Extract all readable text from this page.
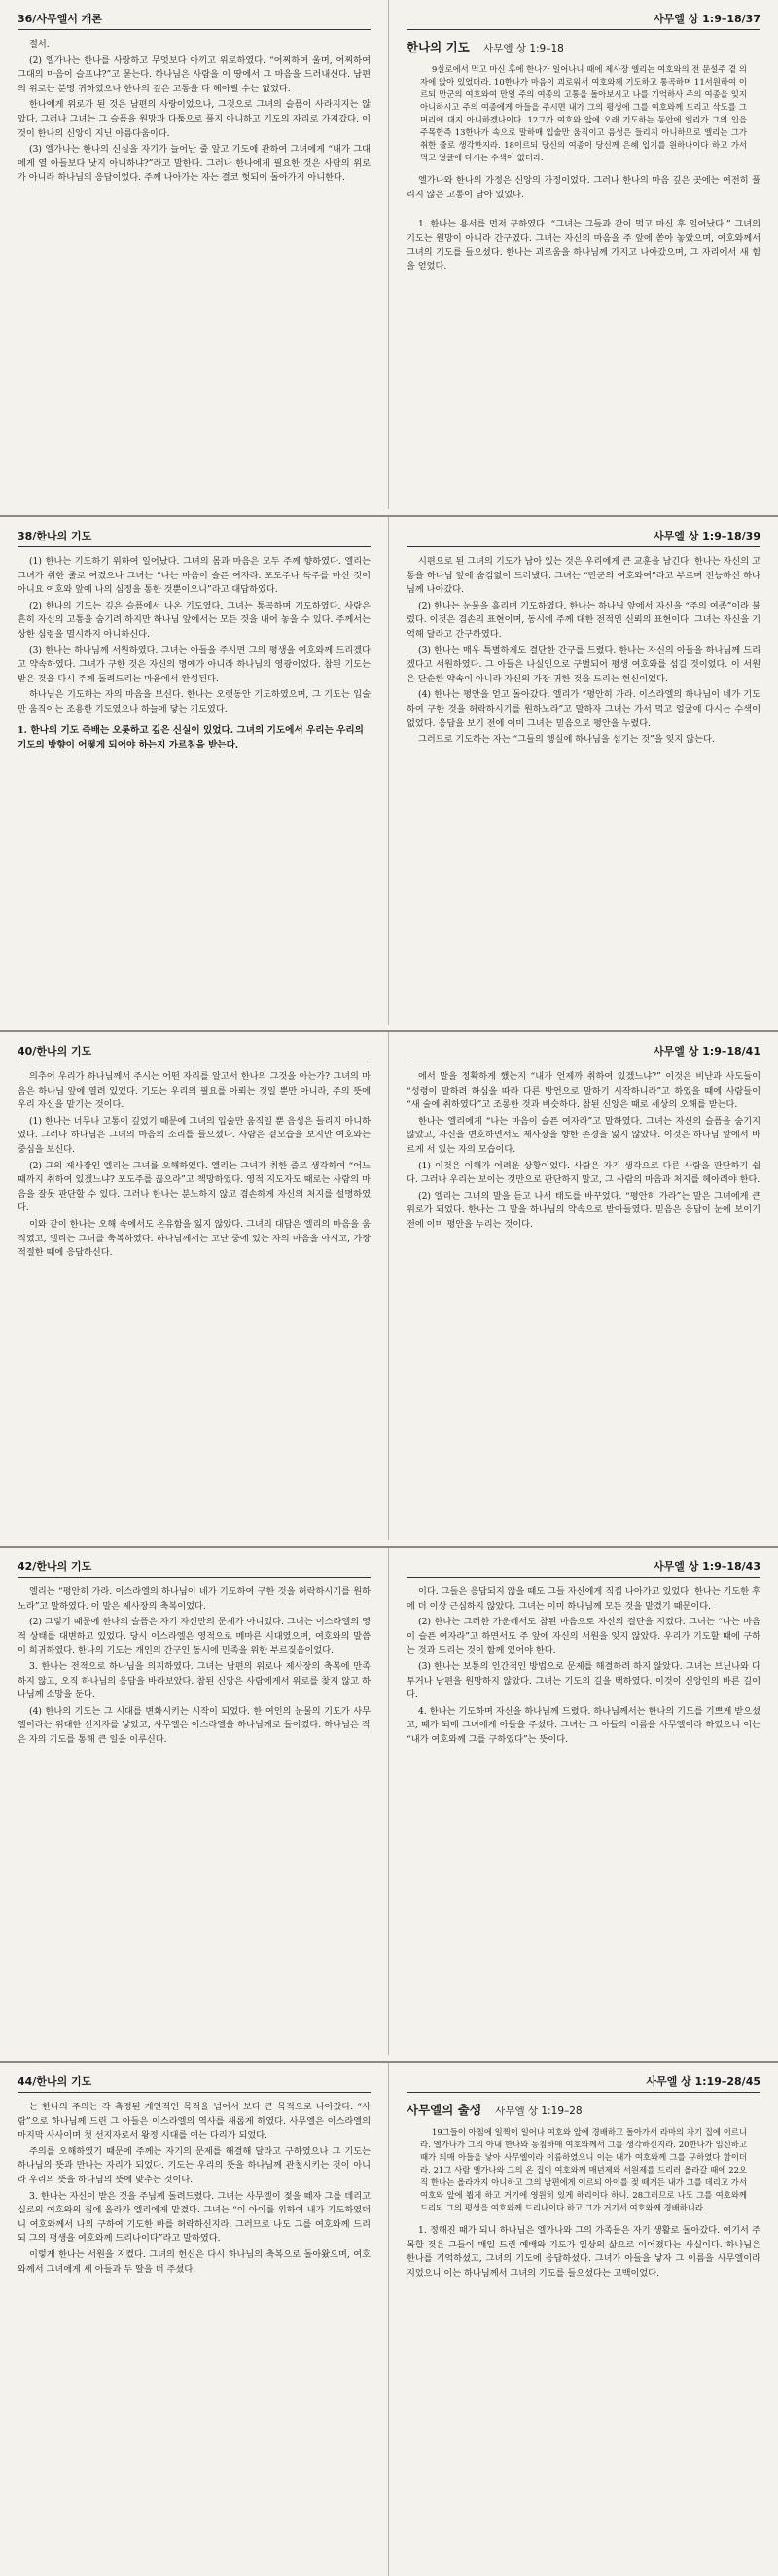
36/사무엘서 개론

절서.

(2) 엘가나는 한나를 사랑하고 무엇보다 아끼고 위로하였다. “어찌하여 울며, 어찌하여 그대의 마음이 슬프냐?”고 묻는다. 하나님은 사람을 이 땅에서 그 마음을 드러내신다. 남편의 위로는 분명 귀하였으나 한나의 깊은 고통을 다 헤아릴 수는 없었다.

한나에게 위로가 된 것은 남편의 사랑이었으나, 그것으로 그녀의 슬픔이 사라지지는 않았다. 그러나 그녀는 그 슬픔을 원망과 다툼으로 풀지 아니하고 기도의 자리로 가져갔다. 이것이 한나의 신앙이 지닌 아름다움이다.

(3) 엘가나는 한나의 신실을 자기가 늘어난 줄 알고 기도에 관하여 그녀에게 “내가 그대에게 열 아들보다 낫지 아니하냐?”라고 말한다. 그러나 한나에게 필요한 것은 사람의 위로가 아니라 하나님의 응답이었다. 주께 나아가는 자는 결코 헛되이 돌아가지 아니한다.

사무엘 상 1:9–18/37
한나의 기도 사무엘 상 1:9–18

9실로에서 먹고 마신 후에 한나가 일어나니 때에 제사장 엘리는 여호와의 전 문설주 곁 의자에 앉아 있었더라. 10한나가 마음이 괴로워서 여호와께 기도하고 통곡하며 11서원하여 이르되 만군의 여호와여 만일 주의 여종의 고통을 돌아보시고 나를 기억하사 주의 여종을 잊지 아니하시고 주의 여종에게 아들을 주시면 내가 그의 평생에 그를 여호와께 드리고 삭도를 그 머리에 대지 아니하겠나이다. 12그가 여호와 앞에 오래 기도하는 동안에 엘리가 그의 입을 주목한즉 13한나가 속으로 말하매 입술만 움직이고 음성은 들리지 아니하므로 엘리는 그가 취한 줄로 생각한지라. 18이르되 당신의 여종이 당신께 은혜 입기를 원하나이다 하고 가서 먹고 얼굴에 다시는 수색이 없더라.

엘가나와 한나의 가정은 신앙의 가정이었다. 그러나 한나의 마음 깊은 곳에는 여전히 풀리지 않은 고통이 남아 있었다.

1. 한나는 용서를 먼저 구하였다. “그녀는 그들과 같이 먹고 마신 후 일어났다.” 그녀의 기도는 원망이 아니라 간구였다. 그녀는 자신의 마음을 주 앞에 쏟아 놓았으며, 여호와께서 그녀의 기도를 들으셨다. 한나는 괴로움을 하나님께 가지고 나아갔으며, 그 자리에서 새 힘을 얻었다.

38/한나의 기도

(1) 한나는 기도하기 위하여 일어났다. 그녀의 몸과 마음은 모두 주께 향하였다. 엘리는 그녀가 취한 줄로 여겼으나 그녀는 “나는 마음이 슬픈 여자라. 포도주나 독주를 마신 것이 아니요 여호와 앞에 나의 심정을 통한 것뿐이오니”라고 대답하였다.

(2) 한나의 기도는 깊은 슬픔에서 나온 기도였다. 그녀는 통곡하며 기도하였다. 사람은 흔히 자신의 고통을 숨기려 하지만 하나님 앞에서는 모든 것을 내어 놓을 수 있다. 주께서는 상한 심령을 멸시하지 아니하신다.

(3) 한나는 하나님께 서원하였다. 그녀는 아들을 주시면 그의 평생을 여호와께 드리겠다고 약속하였다. 그녀가 구한 것은 자신의 명예가 아니라 하나님의 영광이었다. 참된 기도는 받은 것을 다시 주께 돌려드리는 마음에서 완성된다.

하나님은 기도하는 자의 마음을 보신다. 한나는 오랫동안 기도하였으며, 그 기도는 입술만 움직이는 조용한 기도였으나 하늘에 닿는 기도였다.

1. 한나의 기도 즉배는 오롯하고 깊은 신실이 있었다. 그녀의 기도에서 우리는 우리의 기도의 방향이 어떻게 되어야 하는지 가르침을 받는다.
사무엘 상 1:9–18/39

시편으로 된 그녀의 기도가 남아 있는 것은 우리에게 큰 교훈을 남긴다. 한나는 자신의 고통을 하나님 앞에 숨김없이 드러냈다. 그녀는 “만군의 여호와여”라고 부르며 전능하신 하나님께 나아갔다.

(2) 한나는 눈물을 흘리며 기도하였다. 한나는 하나님 앞에서 자신을 “주의 여종”이라 불렀다. 이것은 겸손의 표현이며, 동시에 주께 대한 전적인 신뢰의 표현이다. 그녀는 자신을 기억해 달라고 간구하였다.

(3) 한나는 매우 특별하게도 결단한 간구를 드렸다. 한나는 자신의 아들을 하나님께 드리겠다고 서원하였다. 그 아들은 나실인으로 구별되어 평생 여호와를 섬길 것이었다. 이 서원은 단순한 약속이 아니라 자신의 가장 귀한 것을 드리는 헌신이었다.

(4) 한나는 평안을 얻고 돌아갔다. 엘리가 “평안히 가라. 이스라엘의 하나님이 네가 기도하여 구한 것을 허락하시기를 원하노라”고 말하자 그녀는 가서 먹고 얼굴에 다시는 수색이 없었다. 응답을 보기 전에 이미 그녀는 믿음으로 평안을 누렸다.

그러므로 기도하는 자는 “그들의 행실에 하나님을 섬기는 것”을 잊지 않는다.

40/한나의 기도

의추어 우리가 하나님께서 주시는 어떤 자리를 알고서 한나의 그것을 아는가? 그녀의 마음은 하나님 앞에 열려 있었다. 기도는 우리의 필요를 아뢰는 것일 뿐만 아니라, 주의 뜻에 우리 자신을 맡기는 것이다.

(1) 한나는 너무나 고통이 깊었기 때문에 그녀의 입술만 움직일 뿐 음성은 들리지 아니하였다. 그러나 하나님은 그녀의 마음의 소리를 들으셨다. 사람은 겉모습을 보지만 여호와는 중심을 보신다.

(2) 그의 제사장인 엘리는 그녀를 오해하였다. 엘리는 그녀가 취한 줄로 생각하여 “어느 때까지 취하여 있겠느냐? 포도주를 끊으라”고 책망하였다. 영적 지도자도 때로는 사람의 마음을 잘못 판단할 수 있다. 그러나 한나는 분노하지 않고 겸손하게 자신의 처지를 설명하였다.

이와 같이 한나는 오해 속에서도 온유함을 잃지 않았다. 그녀의 대답은 엘리의 마음을 움직였고, 엘리는 그녀를 축복하였다. 하나님께서는 고난 중에 있는 자의 마음을 아시고, 가장 적절한 때에 응답하신다.

사무엘 상 1:9–18/41

에서 말을 정확하게 했는지 “내가 언제까 취하여 있겠느냐?” 이것은 비난과 사도들이 “성령이 말하려 하심을 따라 다른 방언으로 말하기 시작하니라”고 하였을 때에 사람들이 “새 술에 취하였다”고 조롱한 것과 비슷하다. 참된 신앙은 때로 세상의 오해를 받는다.

한나는 엘리에게 “나는 마음이 슬픈 여자라”고 말하였다. 그녀는 자신의 슬픔을 숨기지 않았고, 자신을 변호하면서도 제사장을 향한 존경을 잃지 않았다. 이것은 하나님 앞에서 바르게 서 있는 자의 모습이다.

(1) 이것은 이해가 어려운 상황이었다. 사람은 자기 생각으로 다른 사람을 판단하기 쉽다. 그러나 우리는 보이는 것만으로 판단하지 말고, 그 사람의 마음과 처지를 헤아려야 한다.

(2) 엘리는 그녀의 말을 듣고 나서 태도를 바꾸었다. “평안히 가라”는 말은 그녀에게 큰 위로가 되었다. 한나는 그 말을 하나님의 약속으로 받아들였다. 믿음은 응답이 눈에 보이기 전에 이미 평안을 누리는 것이다.

42/한나의 기도

엘리는 “평안히 가라. 이스라엘의 하나님이 네가 기도하여 구한 것을 허락하시기를 원하노라”고 말하였다. 이 말은 제사장의 축복이었다.

(2) 그렇기 때문에 한나의 슬픔은 자기 자신만의 문제가 아니었다. 그녀는 이스라엘의 영적 상태를 대변하고 있었다. 당시 이스라엘은 영적으로 메마른 시대였으며, 여호와의 말씀이 희귀하였다. 한나의 기도는 개인의 간구인 동시에 민족을 위한 부르짖음이었다.

3. 한나는 전적으로 하나님을 의지하였다. 그녀는 남편의 위로나 제사장의 축복에 만족하지 않고, 오직 하나님의 응답을 바라보았다. 참된 신앙은 사람에게서 위로를 찾지 않고 하나님께 소망을 둔다.

(4) 한나의 기도는 그 시대를 변화시키는 시작이 되었다. 한 여인의 눈물의 기도가 사무엘이라는 위대한 선지자를 낳았고, 사무엘은 이스라엘을 하나님께로 돌이켰다. 하나님은 작은 자의 기도를 통해 큰 일을 이루신다.

사무엘 상 1:9–18/43

이다. 그들은 응답되지 않을 때도 그들 자신에게 직접 나아가고 있었다. 한나는 기도한 후에 더 이상 근심하지 않았다. 그녀는 이미 하나님께 모든 것을 맡겼기 때문이다.

(2) 한나는 그러한 가운데서도 참된 마음으로 자신의 결단을 지켰다. 그녀는 “나는 마음이 슬픈 여자라”고 하면서도 주 앞에 자신의 서원을 잊지 않았다. 우리가 기도할 때에 구하는 것과 드리는 것이 함께 있어야 한다.

(3) 한나는 보통의 인간적인 방법으로 문제를 해결하려 하지 않았다. 그녀는 브닌나와 다투거나 남편을 원망하지 않았다. 그녀는 기도의 길을 택하였다. 이것이 신앙인의 바른 길이다.

4. 한나는 기도하며 자신을 하나님께 드렸다. 하나님께서는 한나의 기도를 기쁘게 받으셨고, 때가 되매 그녀에게 아들을 주셨다. 그녀는 그 아들의 이름을 사무엘이라 하였으니 이는 “내가 여호와께 그를 구하였다”는 뜻이다.

44/한나의 기도

는 한나의 주의는 각 측정된 개인적인 목적을 넘어서 보다 큰 목적으로 나아갔다. “사람”으로 하나님께 드린 그 아들은 이스라엘의 역사를 새롭게 하였다. 사무엘은 이스라엘의 마지막 사사이며 첫 선지자로서 왕정 시대를 여는 다리가 되었다.

주의를 오해하였기 때문에 주께는 자기의 문제를 해결해 달라고 구하였으나 그 기도는 하나님의 뜻과 만나는 자리가 되었다. 기도는 우리의 뜻을 하나님께 관철시키는 것이 아니라 우리의 뜻을 하나님의 뜻에 맞추는 것이다.

3. 한나는 자신이 받은 것을 주님께 돌려드렸다. 그녀는 사무엘이 젖을 떼자 그를 데리고 실로의 여호와의 집에 올라가 엘리에게 맡겼다. 그녀는 “이 아이를 위하여 내가 기도하였더니 여호와께서 나의 구하여 기도한 바를 허락하신지라. 그러므로 나도 그를 여호와께 드리되 그의 평생을 여호와께 드리나이다”라고 말하였다.

이렇게 한나는 서원을 지켰다. 그녀의 헌신은 다시 하나님의 축복으로 돌아왔으며, 여호와께서 그녀에게 세 아들과 두 딸을 더 주셨다.

사무엘 상 1:19–28/45
사무엘의 출생 사무엘 상 1:19–28

19그들이 아침에 일찍이 일어나 여호와 앞에 경배하고 돌아가서 라마의 자기 집에 이르니라. 엘가나가 그의 아내 한나와 동침하매 여호와께서 그를 생각하신지라. 20한나가 임신하고 때가 되매 아들을 낳아 사무엘이라 이름하였으니 이는 내가 여호와께 그를 구하였다 함이더라. 21그 사람 엘가나와 그의 온 집이 여호와께 매년제와 서원제를 드리러 올라갈 때에 22오직 한나는 올라가지 아니하고 그의 남편에게 이르되 아이를 젖 떼거든 내가 그를 데리고 가서 여호와 앞에 뵙게 하고 거기에 영원히 있게 하리이다 하니. 28그러므로 나도 그를 여호와께 드리되 그의 평생을 여호와께 드리나이다 하고 그가 거기서 여호와께 경배하니라.

1. 정해진 때가 되니 하나님은 엘가나와 그의 가족들은 자기 생활로 돌아갔다. 여기서 주목할 것은 그들이 매일 드린 예배와 기도가 일상의 삶으로 이어졌다는 사실이다. 하나님은 한나를 기억하셨고, 그녀의 기도에 응답하셨다. 그녀가 아들을 낳자 그 이름을 사무엘이라 지었으니 이는 하나님께서 그녀의 기도를 들으셨다는 고백이었다.
